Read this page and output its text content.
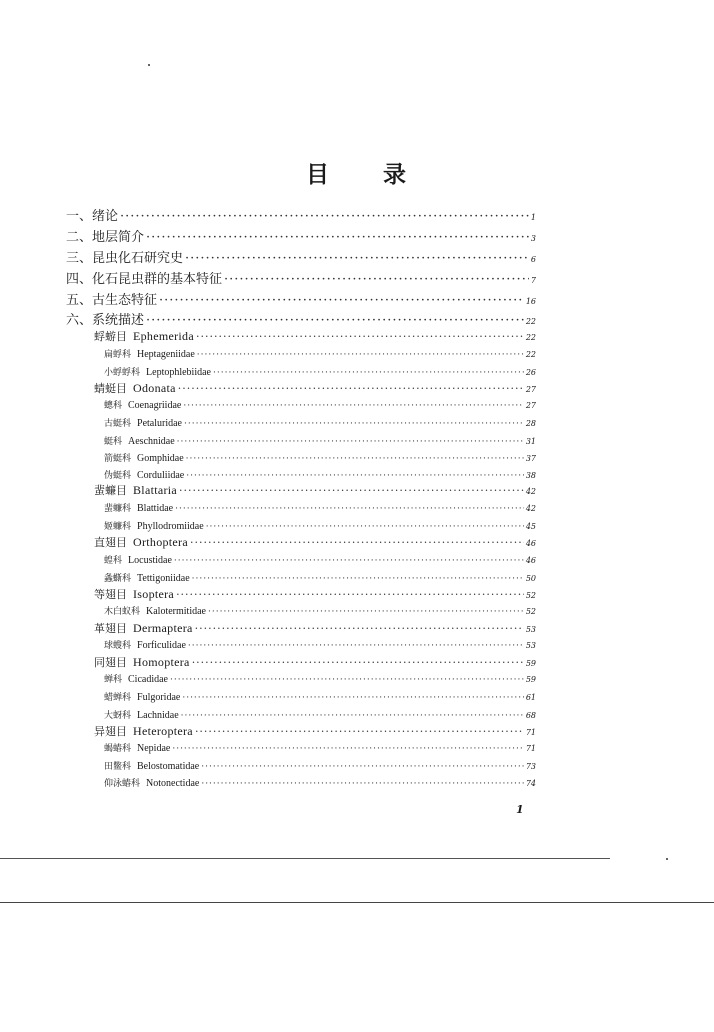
目 录
一、绪论 ·····	1
二、地层简介 ·····	3
三、昆虫化石研究史 ·····	6
四、化石昆虫群的基本特征 ·····	7
五、古生态特征 ·····	16
六、系统描述 ·····	22
蜉蝣目 Ephemerida ·····	22
扁蜉科 Heptageniidae ·····	22
小蜉蜉科 Leptophlebiidae ·····	26
蜻蜓目 Odonata ·····	27
蟌科 Coenagriidae ·····	27
古蜓科 Petaluridae ·····	28
蜓科 Aeschnidae ·····	31
箭蜓科 Gomphidae ·····	37
伪蜓科 Corduliidae ·····	38
蜚蠊目 Blattaria ·····	42
蜚蠊科 Blattidae ·····	42
姬蠊科 Phyllodromiidae ·····	45
直翅目 Orthoptera ·····	46
蝗科 Locustidae ·····	46
螽蟖科 Tettigoniidae ·····	50
等翅目 Isoptera ·····	52
木白蚁科 Kalotermitidae ·····	52
革翅目 Dermaptera ·····	53
球螋科 Forficulidae ·····	53
同翅目 Homoptera ·····	59
蝉科 Cicadidae ·····	59
蜡蝉科 Fulgoridae ·····	61
大蚜科 Lachnidae ·····	68
异翅目 Heteroptera ·····	71
蝎蝽科 Nepidae ·····	71
田鳖科 Belostomatidae ·····	73
仰泳蝽科 Notonectidae ·····	74
1
